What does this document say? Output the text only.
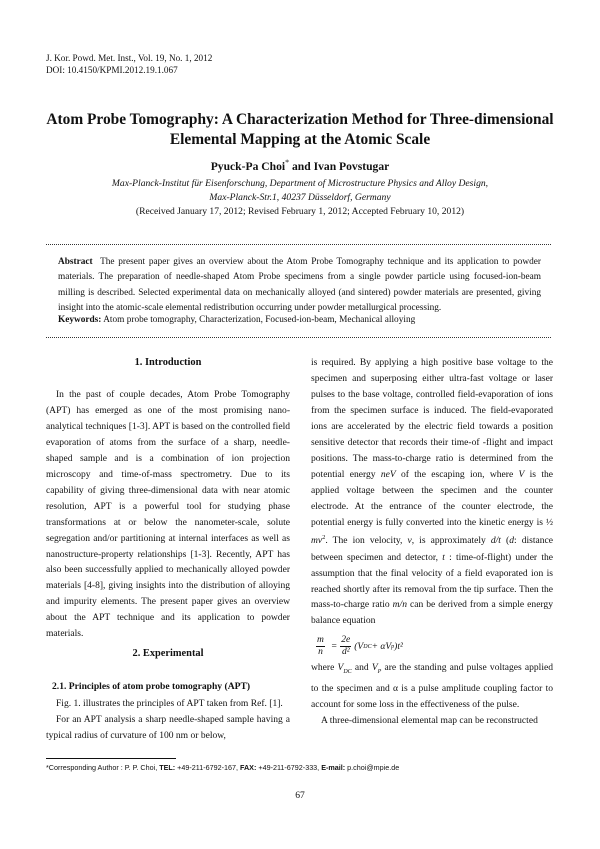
J. Kor. Powd. Met. Inst., Vol. 19, No. 1, 2012
DOI: 10.4150/KPMI.2012.19.1.067
Atom Probe Tomography: A Characterization Method for Three-dimensional
Elemental Mapping at the Atomic Scale
Pyuck-Pa Choi* and Ivan Povstugar
Max-Planck-Institut für Eisenforschung, Department of Microstructure Physics and Alloy Design,
Max-Planck-Str.1, 40237 Düsseldorf, Germany
(Received January 17, 2012; Revised February 1, 2012; Accepted February 10, 2012)
Abstract The present paper gives an overview about the Atom Probe Tomography technique and its application to powder materials. The preparation of needle-shaped Atom Probe specimens from a single powder particle using focused-ion-beam milling is described. Selected experimental data on mechanically alloyed (and sintered) powder materials are presented, giving insight into the atomic-scale elemental redistribution occurring under powder metallurgical processing.
Keywords: Atom probe tomography, Characterization, Focused-ion-beam, Mechanical alloying
1. Introduction

In the past of couple decades, Atom Probe Tomography (APT) has emerged as one of the most promising nano-analytical techniques [1-3]. APT is based on the controlled field evaporation of atoms from the surface of a sharp, needle-shaped sample and is a combination of ion projection microscopy and time-of-mass spectrometry. Due to its capability of giving three-dimensional data with near atomic resolution, APT is a powerful tool for studying phase transformations at or below the nanometer-scale, solute segregation and/or partitioning at internal interfaces as well as nanostructure-property relationships [1-3]. Recently, APT has also been successfully applied to mechanically alloyed powder materials [4-8], giving insights into the distribution of alloying and impurity elements. The present paper gives an overview about the APT technique and its application to powder materials.

2. Experimental
2.1. Principles of atom probe tomography (APT)

Fig. 1. illustrates the principles of APT taken from Ref. [1].

For an APT analysis a sharp needle-shaped sample having a typical radius of curvature of 100 nm or below,

is required. By applying a high positive base voltage to the specimen and superposing either ultra-fast voltage or laser pulses to the base voltage, controlled field-evaporation of ions from the specimen surface is induced. The field-evaporated ions are accelerated by the electric field towards a position sensitive detector that records their time-of -flight and impact positions. The mass-to-charge ratio is determined from the potential energy neV of the escaping ion, where V is the applied voltage between the specimen and the counter electrode. At the entrance of the counter electrode, the potential energy is fully converted into the kinetic energy is ½ $mv^2$. The ion velocity, v, is approximately d/t (d: distance between specimen and detector, t : time-of-flight) under the assumption that the final velocity of a field evaporated ion is reached shortly after its removal from the tip surface. Then the mass-to-charge ratio m/n can be derived from a simple energy balance equation

$\frac{m}{n} = \frac{2e}{\text{d²}} (V$ DC + αV p )t²

where $V_{DC}$ and $V_P$ are the standing and pulse voltages applied to the specimen and α is a pulse amplitude coupling factor to account for some loss in the effectiveness of the pulse.

A three-dimensional elemental map can be reconstructed

*Corresponding Author : P. P. Choi, TEL: +49-211-6792-167, FAX: +49-211-6792-333, E-mail: p.choi@mpie.de
67
